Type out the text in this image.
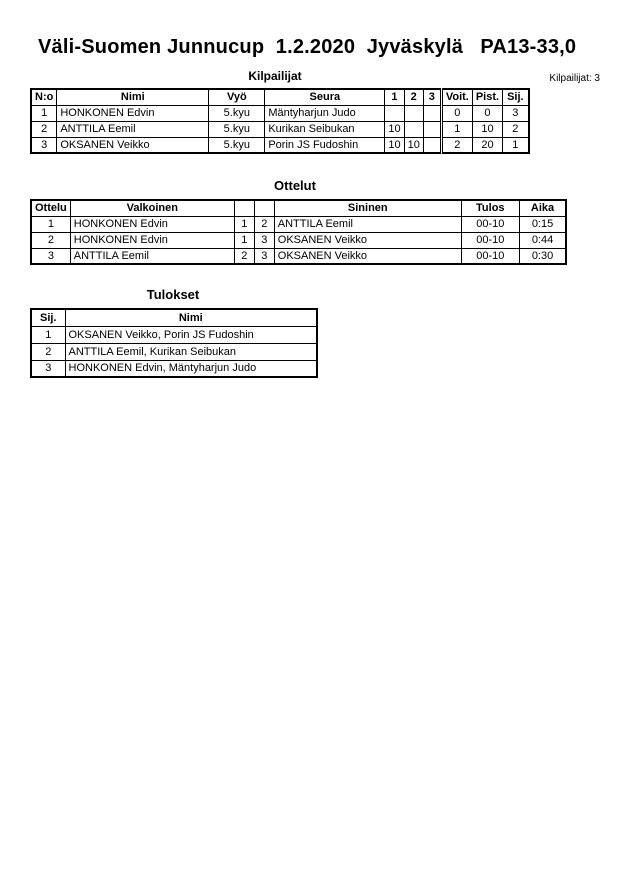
Väli-Suomen Junnucup  1.2.2020  Jyväskylä   PA13-33,0
Kilpailijat	Kilpailijat: 3
N:o	Nimi	Vyö	Seura	1	2	3	Voit.	Pist.	Sij.
1	HONKONEN Edvin	5.kyu	Mäntyharjun Judo				0	0	3
2	ANTTILA Eemil	5.kyu	Kurikan Seibukan	10			1	10	2
3	OKSANEN Veikko	5.kyu	Porin JS Fudoshin	10	10		2	20	1
Ottelut
Ottelu	Valkoinen			Sininen	Tulos	Aika
1	HONKONEN Edvin	1	2	ANTTILA Eemil	00-10	0:15
2	HONKONEN Edvin	1	3	OKSANEN Veikko	00-10	0:44
3	ANTTILA Eemil	2	3	OKSANEN Veikko	00-10	0:30
Tulokset
Sij.	Nimi
1	OKSANEN Veikko, Porin JS Fudoshin
2	ANTTILA Eemil, Kurikan Seibukan
3	HONKONEN Edvin, Mäntyharjun Judo
